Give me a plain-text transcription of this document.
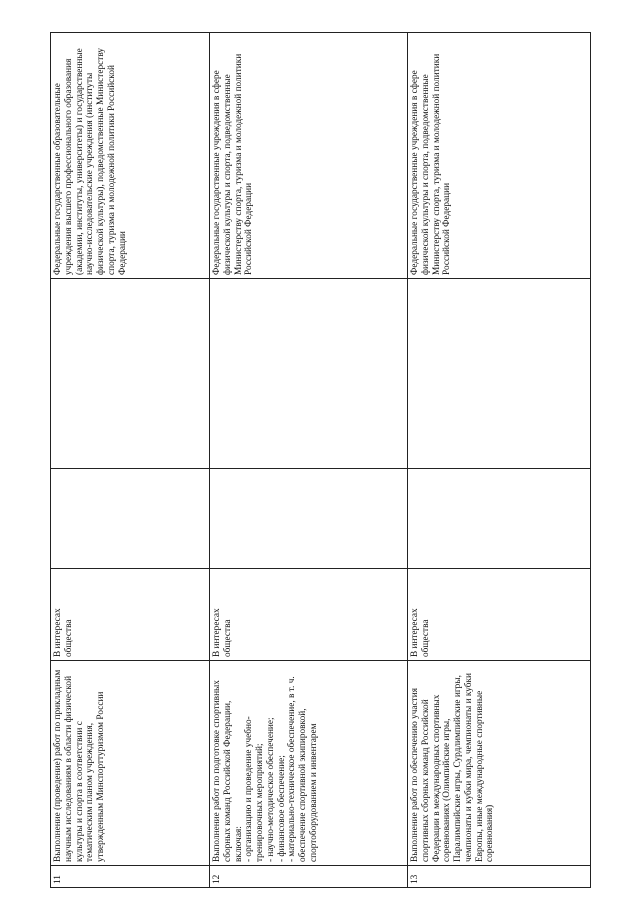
11	Выполнение (проведение) работ по прикладным научным исследованиям в области физической культуры и спорта в соответствии с тематическим планом учреждения, утвержденным Минспорттуризмом России	В интересах общества			Федеральные государственные образовательные учреждения высшего профессионального образования (академии, институты, университеты) и государственные научно-исследовательские учреждения (институты физической культуры), подведомственные Министерству спорта, туризма и молодежной политики Российской Федерации
12	Выполнение работ по подготовке спортивных сборных команд Российской Федерации, включая: - организацию и проведение учебно-тренировочных мероприятий; - научно-методическое обеспечение; - финансовое обеспечение; - материально-техническое обеспечение, в т. ч. обеспечение спортивной экипировкой, спортоборудованием и инвентарем	В интересах общества			Федеральные государственные учреждения в сфере физической культуры и спорта, подведомственные Министерству спорта, туризма и молодежной политики Российской Федерации
13	Выполнение работ по обеспечению участия спортивных сборных команд Российской Федерации в международных спортивных соревнованиях (Олимпийские игры, Паралимпийские игры, Сурдлимпийские игры, чемпионаты и кубки мира, чемпионаты и кубки Европы, иные международные спортивные соревнования)	В интересах общества			Федеральные государственные учреждения в сфере физической культуры и спорта, подведомственные Министерству спорта, туризма и молодежной политики Российской Федерации
